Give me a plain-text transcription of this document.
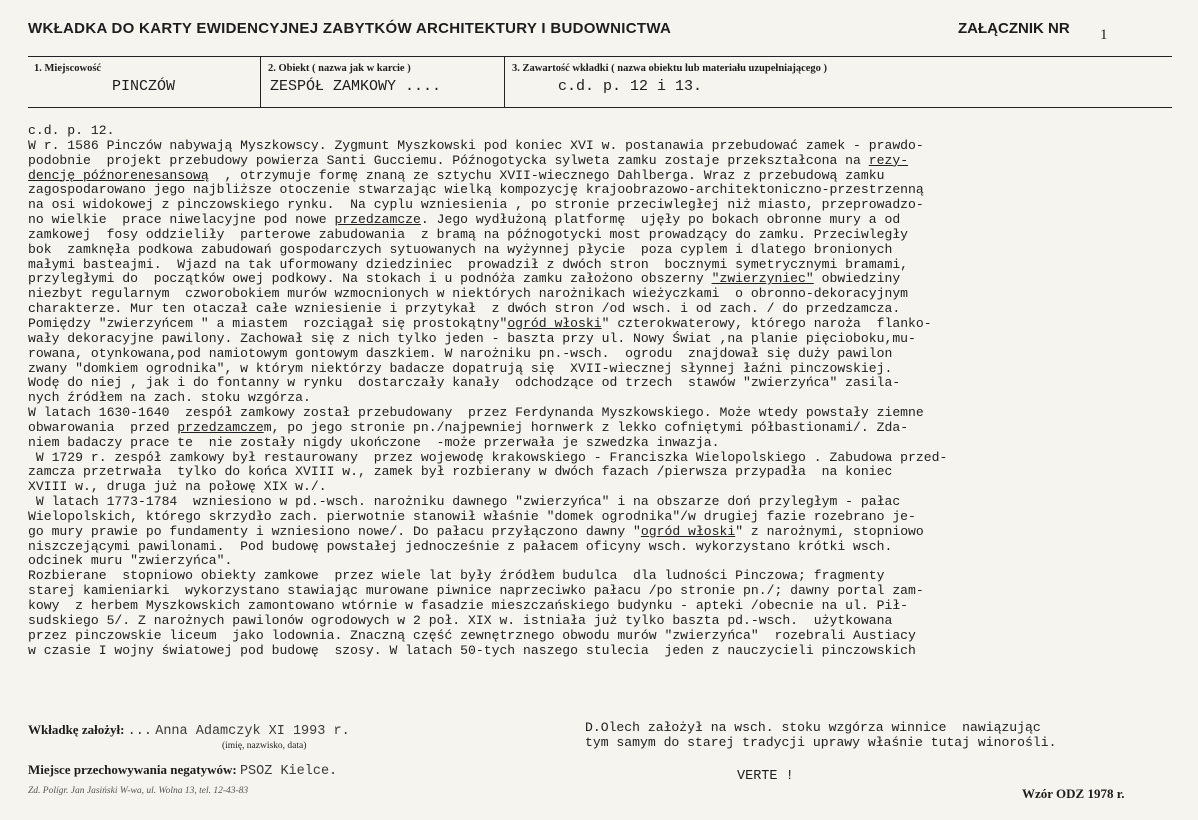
WKŁADKA DO KARTY EWIDENCYJNEJ ZABYTKÓW ARCHITEKTURY I BUDOWNICTWA	ZAŁĄCZNIK NR 1
1. Miejscowość
PINCZÓW
2. Obiekt ( nazwa jak w karcie )
ZESPÓŁ ZAMKOWY ....
3. Zawartość wkładki ( nazwa obiektu lub materiału uzupełniającego )
c.d. p. 12 i 13.
c.d. p. 12.
W r. 1586 Pinczów nabywają Myszkowscy. Zygmunt Myszkowski pod koniec XVI w. postanawia przebudować zamek - prawdo-
podobnie  projekt przebudowy powierza Santi Gucciemu. Późnogotycka sylweta zamku zostaje przekształcona na rezy-
dencję późnorenesansową  , otrzymuje formę znaną ze sztychu XVII-wiecznego Dahlberga. Wraz z przebudową zamku
zagospodarowano jego najbliższe otoczenie stwarzając wielką kompozycję krajoobrazowo-architektoniczno-przestrzenną
na osi widokowej z pinczowskiego rynku.  Na cyplu wzniesienia , po stronie przeciwległej niż miasto, przeprowadzo-
no wielkie  prace niwelacyjne pod nowe przedzamcze. Jego wydłużoną platformę  ujęły po bokach obronne mury a od
zamkowej  fosy oddzieliły  parterowe zabudowania  z bramą na późnogotycki most prowadzący do zamku. Przeciwległy
bok  zamknęła podkowa zabudowań gospodarczych sytuowanych na wyżynnej płycie  poza cyplem i dlatego bronionych
małymi basteajmi.  Wjazd na tak uformowany dziedziniec  prowadził z dwóch stron  bocznymi symetrycznymi bramami,
przyległymi do  początków owej podkowy. Na stokach i u podnóża zamku założono obszerny "zwierzyniec" obwiedziny
niezbyt regularnym  czworobokiem murów wzmocnionych w niektórych narożnikach wieżyczkami  o obronno-dekoracyjnym
charakterze. Mur ten otaczał całe wzniesienie i przytykał  z dwóch stron /od wsch. i od zach. / do przedzamcza.
Pomiędzy "zwierzyńcem " a miastem  rozciągał się prostokątny"ogród włoski" czterokwaterowy, którego naroża  flanko-
wały dekoracyjne pawilony. Zachował się z nich tylko jeden - baszta przy ul. Nowy Świat ,na planie pięcioboku,mu-
rowana, otynkowana,pod namiotowym gontowym daszkiem. W narożniku pn.-wsch.  ogrodu  znajdował się duży pawilon
zwany "domkiem ogrodnika", w którym niektórzy badacze dopatrują się  XVII-wiecznej słynnej łaźni pinczowskiej.
Wodę do niej , jak i do fontanny w rynku  dostarczały kanały  odchodzące od trzech  stawów "zwierzyńca" zasila-
nych źródłem na zach. stoku wzgórza.
W latach 1630-1640  zespół zamkowy został przebudowany  przez Ferdynanda Myszkowskiego. Może wtedy powstały ziemne
obwarowania  przed przedzamczem, po jego stronie pn./najpewniej hornwerk z lekko cofniętymi półbastionami/. Zda-
niem badaczy prace te  nie zostały nigdy ukończone  -może przerwała je szwedzka inwazja.
W 1729 r. zespół zamkowy był restaurowany  przez wojewodę krakowskiego - Franciszka Wielopolskiego . Zabudowa przed-
zamcza przetrwała  tylko do końca XVIII w., zamek był rozbierany w dwóch fazach /pierwsza przypadła  na koniec
XVIII w., druga już na połowę XIX w./.
W latach 1773-1784  wzniesiono w pd.-wsch. narożniku dawnego "zwierzyńca" i na obszarze doń przyległym - pałac
Wielopolskich, którego skrzydło zach. pierwotnie stanowił właśnie "domek ogrodnika"/w drugiej fazie rozebrano je-
go mury prawie po fundamenty i wzniesiono nowe/. Do pałacu przyłączono dawny "ogród włoski" z narożnymi, stopniowo
niszczejącymi pawilonami.  Pod budowę powstałej jednocześnie z pałacem oficyny wsch. wykorzystano krótki wsch.
odcinek muru "zwierzyńca".
Rozbierane  stopniowo obiekty zamkowe  przez wiele lat były źródłem budulca  dla ludności Pinczowa; fragmenty
starej kamieniarki  wykorzystano stawiając murowane piwnice naprzeciwko pałacu /po stronie pn./; dawny portal zam-
kowy  z herbem Myszkowskich zamontowano wtórnie w fasadzie mieszczańskiego budynku - apteki /obecnie na ul. Pił-
sudskiego 5/. Z narożnych pawilonów ogrodowych w 2 poł. XIX w. istniała już tylko baszta pd.-wsch.  użytkowana
przez pinczowskie liceum  jako lodownia. Znaczną część zewnętrznego obwodu murów "zwierzyńca"  rozebrali Austiacy
w czasie I wojny światowej pod budowę  szosy. W latach 50-tych naszego stulecia  jeden z nauczycieli pinczowskich
D.Olech założył na wsch. stoku wzgórza winnice  nawiązując
tym samym do starej tradycji uprawy właśnie tutaj winorośli.
Wkładkę założył: ... Anna Adamczyk XI 1993 r.
(imię, nazwisko, data)
Miejsce przechowywania negatywów: PSOZ Kielce.	VERTE !
Zd. Polígr. Jan Jasiński W-wa, ul. Wolna 13, tel. 12-43-83	Wzór ODZ 1978 r.
